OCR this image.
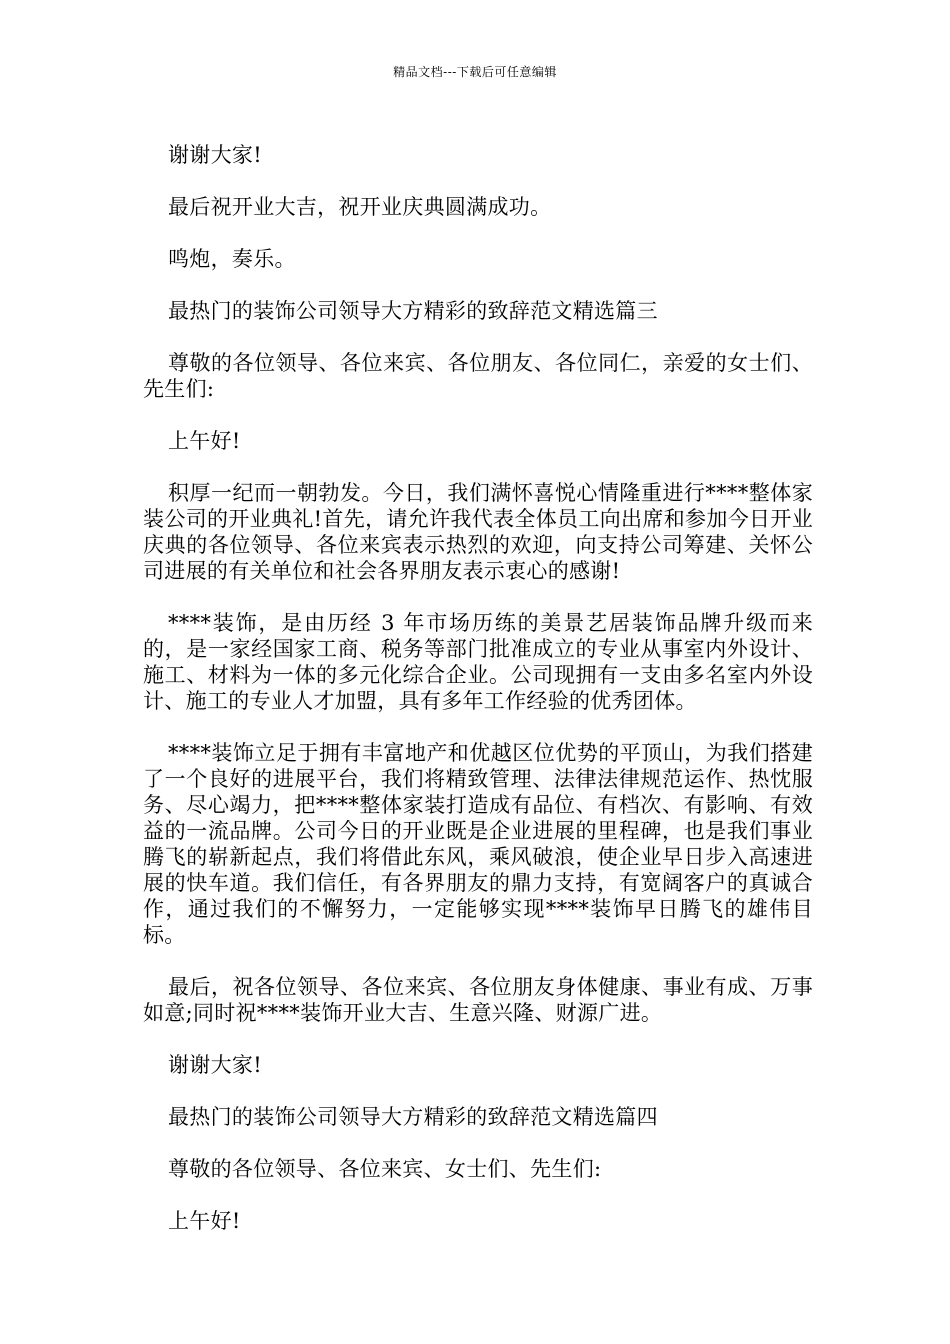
精品文档---下载后可任意编辑

谢谢大家!

最后祝开业大吉，祝开业庆典圆满成功。

鸣炮，奏乐。

最热门的装饰公司领导大方精彩的致辞范文精选篇三

尊敬的各位领导、各位来宾、各位朋友、各位同仁，亲爱的女士们、先生们:

上午好!

积厚一纪而一朝勃发。今日，我们满怀喜悦心情隆重进行****整体家装公司的开业典礼!首先，请允许我代表全体员工向出席和参加今日开业庆典的各位领导、各位来宾表示热烈的欢迎，向支持公司筹建、关怀公司进展的有关单位和社会各界朋友表示衷心的感谢!

****装饰，是由历经 3 年市场历练的美景艺居装饰品牌升级而来的，是一家经国家工商、税务等部门批准成立的专业从事室内外设计、施工、材料为一体的多元化综合企业。公司现拥有一支由多名室内外设计、施工的专业人才加盟，具有多年工作经验的优秀团体。

****装饰立足于拥有丰富地产和优越区位优势的平顶山，为我们搭建了一个良好的进展平台，我们将精致管理、法律法律规范运作、热忱服务、尽心竭力，把****整体家装打造成有品位、有档次、有影响、有效益的一流品牌。公司今日的开业既是企业进展的里程碑，也是我们事业腾飞的崭新起点，我们将借此东风，乘风破浪，使企业早日步入高速进展的快车道。我们信任，有各界朋友的鼎力支持，有宽阔客户的真诚合作，通过我们的不懈努力，一定能够实现****装饰早日腾飞的雄伟目标。

最后，祝各位领导、各位来宾、各位朋友身体健康、事业有成、万事如意;同时祝****装饰开业大吉、生意兴隆、财源广进。

谢谢大家!

最热门的装饰公司领导大方精彩的致辞范文精选篇四

尊敬的各位领导、各位来宾、女士们、先生们:

上午好!
